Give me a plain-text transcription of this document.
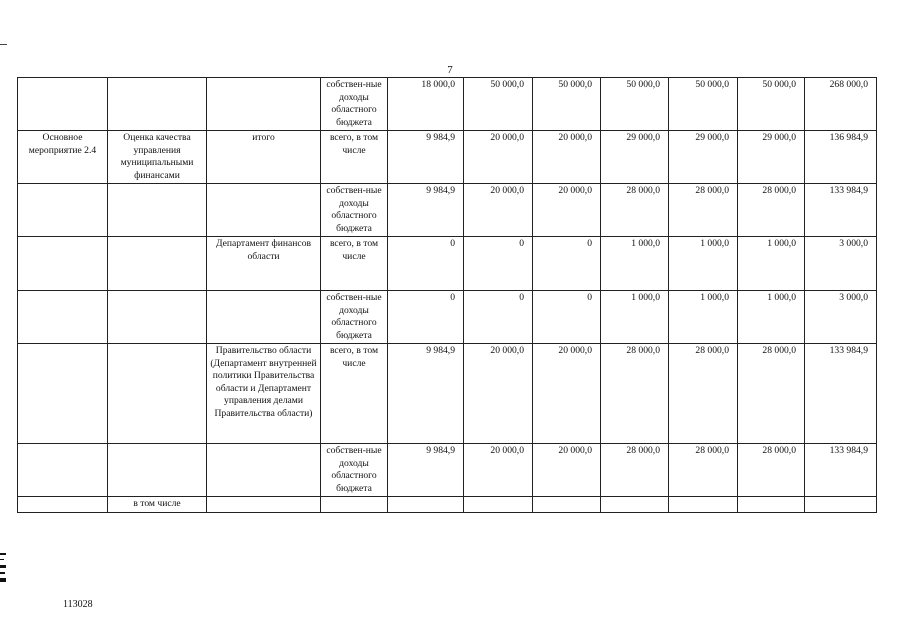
7
			собствен-ные доходы областного бюджета	18 000,0	50 000,0	50 000,0	50 000,0	50 000,0	50 000,0	268 000,0
Основное мероприятие 2.4	Оценка качества управления муниципальными финансами	итого	всего, в том числе	9 984,9	20 000,0	20 000,0	29 000,0	29 000,0	29 000,0	136 984,9
			собствен-ные доходы областного бюджета	9 984,9	20 000,0	20 000,0	28 000,0	28 000,0	28 000,0	133 984,9
		Департамент финансов области	всего, в том числе	0	0	0	1 000,0	1 000,0	1 000,0	3 000,0
			собствен-ные доходы областного бюджета	0	0	0	1 000,0	1 000,0	1 000,0	3 000,0
		Правительство области (Департамент внутренней политики Правительства области и Департамент управления делами Правительства области)	всего, в том числе	9 984,9	20 000,0	20 000,0	28 000,0	28 000,0	28 000,0	133 984,9
			собствен-ные доходы областного бюджета	9 984,9	20 000,0	20 000,0	28 000,0	28 000,0	28 000,0	133 984,9
	в том числе									
113028
